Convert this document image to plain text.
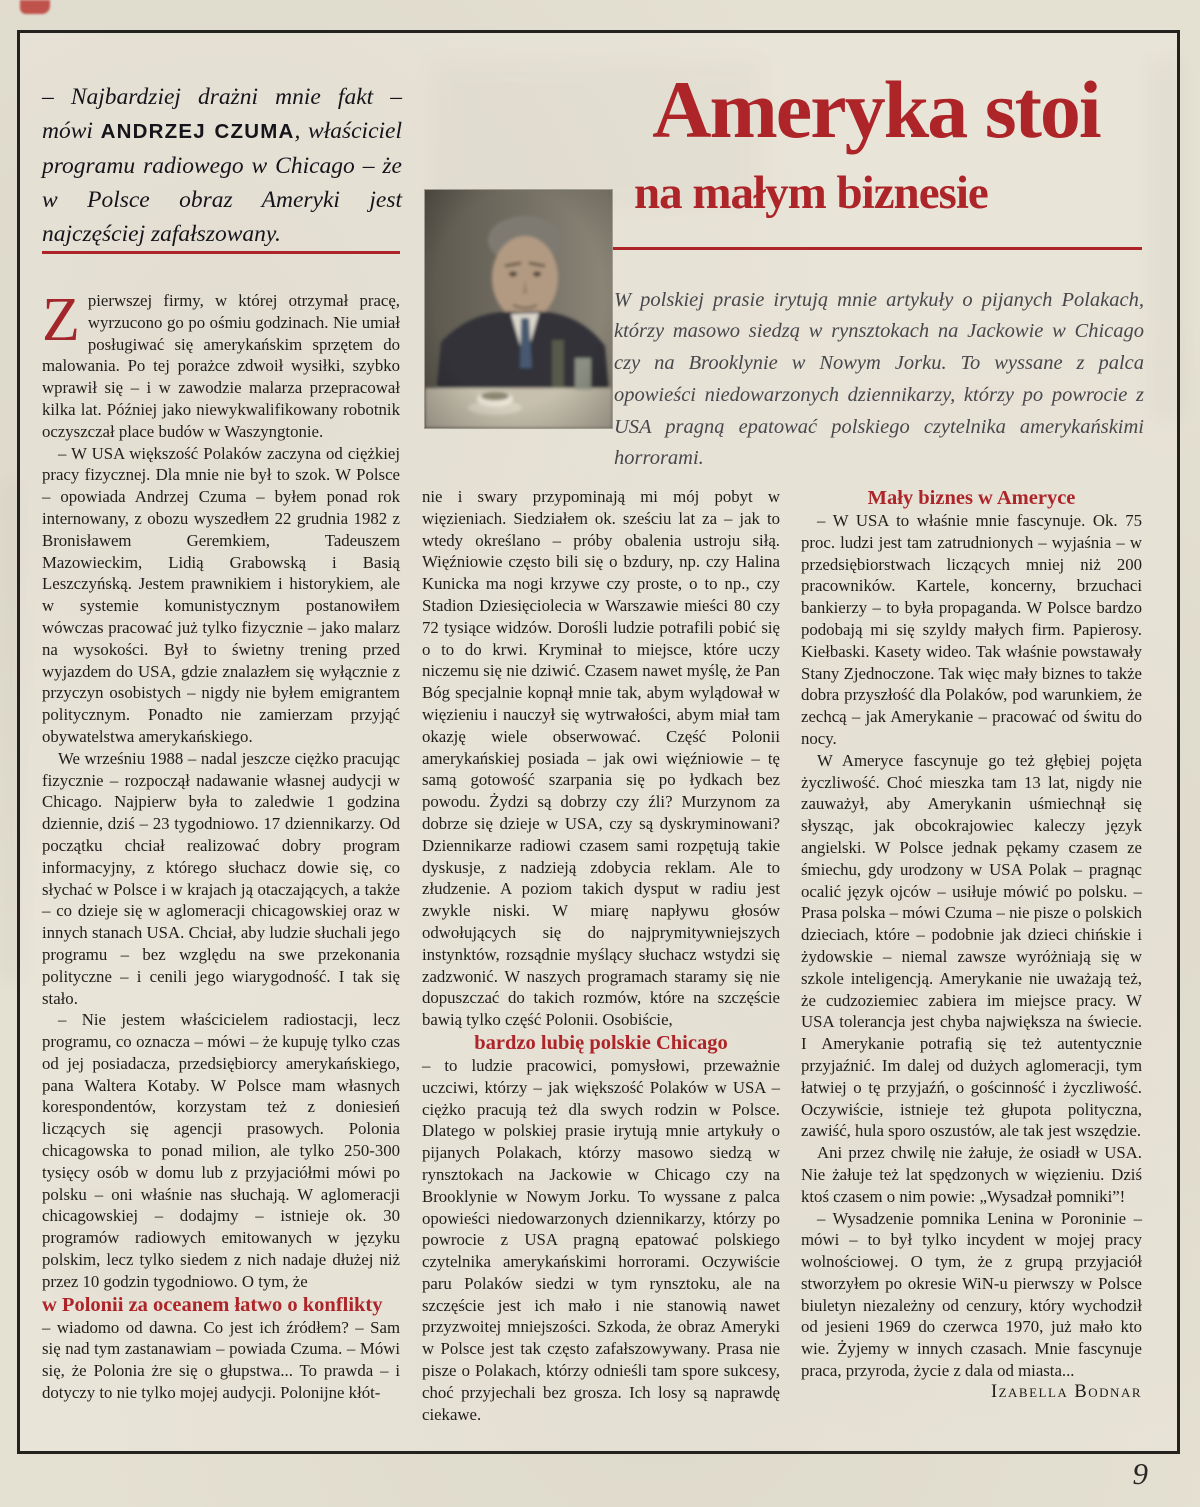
– Najbardziej drażni mnie fakt – mówi ANDRZEJ CZUMA, właściciel programu radiowego w Chicago – że w Polsce obraz Ameryki jest najczęściej zafałszowany.

Ameryka stoi
na małym biznesie

W polskiej prasie irytują mnie artykuły o pijanych Polakach, którzy masowo siedzą w rynsztokach na Jackowie w Chicago czy na Brooklynie w Nowym Jorku. To wyssane z palca opowieści niedowarzonych dziennikarzy, którzy po powrocie z USA pragną epatować polskiego czytelnika amerykańskimi horrorami.

Zpierwszej firmy, w której otrzymał pracę, wyrzucono go po ośmiu godzinach. Nie umiał posługiwać się amerykańskim sprzętem do malowania. Po tej porażce zdwoił wysiłki, szybko wprawił się – i w zawodzie malarza przepracował kilka lat. Później jako niewykwalifikowany robotnik oczyszczał place budów w Waszyngtonie.

– W USA większość Polaków zaczyna od ciężkiej pracy fizycznej. Dla mnie nie był to szok. W Polsce – opowiada Andrzej Czuma – byłem ponad rok internowany, z obozu wyszedłem 22 grudnia 1982 z Bronisławem Geremkiem, Tadeuszem Mazowieckim, Lidią Grabowską i Basią Leszczyńską. Jestem prawnikiem i historykiem, ale w systemie komunistycznym postanowiłem wówczas pracować już tylko fizycznie – jako malarz na wysokości. Był to świetny trening przed wyjazdem do USA, gdzie znalazłem się wyłącznie z przyczyn osobistych – nigdy nie byłem emigrantem politycznym. Ponadto nie zamierzam przyjąć obywatelstwa amerykańskiego.

We wrześniu 1988 – nadal jeszcze ciężko pracując fizycznie – rozpoczął nadawanie własnej audycji w Chicago. Najpierw była to zaledwie 1 godzina dziennie, dziś – 23 tygodniowo. 17 dziennikarzy. Od początku chciał realizować dobry program informacyjny, z którego słuchacz dowie się, co słychać w Polsce i w krajach ją otaczających, a także – co dzieje się w aglomeracji chicagowskiej oraz w innych stanach USA. Chciał, aby ludzie słuchali jego programu – bez względu na swe przekonania polityczne – i cenili jego wiarygodność. I tak się stało.

– Nie jestem właścicielem radiostacji, lecz programu, co oznacza – mówi – że kupuję tylko czas od jej posiadacza, przedsiębiorcy amerykańskiego, pana Waltera Kotaby. W Polsce mam własnych korespondentów, korzystam też z doniesień liczących się agencji prasowych. Polonia chicagowska to ponad milion, ale tylko 250-300 tysięcy osób w domu lub z przyjaciółmi mówi po polsku – oni właśnie nas słuchają. W aglomeracji chicagowskiej – dodajmy – istnieje ok. 30 programów radiowych emitowanych w języku polskim, lecz tylko siedem z nich nadaje dłużej niż przez 10 godzin tygodniowo. O tym, że

w Polonii za oceanem łatwo o konflikty

– wiadomo od dawna. Co jest ich źródłem? – Sam się nad tym zastanawiam – powiada Czuma. – Mówi się, że Polonia żre się o głupstwa... To prawda – i dotyczy to nie tylko mojej audycji. Polonijne kłót-

nie i swary przypominają mi mój pobyt w więzieniach. Siedziałem ok. sześciu lat za – jak to wtedy określano – próby obalenia ustroju siłą. Więźniowie często bili się o bzdury, np. czy Halina Kunicka ma nogi krzywe czy proste, o to np., czy Stadion Dziesięciolecia w Warszawie mieści 80 czy 72 tysiące widzów. Dorośli ludzie potrafili pobić się o to do krwi. Kryminał to miejsce, które uczy niczemu się nie dziwić. Czasem nawet myślę, że Pan Bóg specjalnie kopnął mnie tak, abym wylądował w więzieniu i nauczył się wytrwałości, abym miał tam okazję wiele obserwować. Część Polonii amerykańskiej posiada – jak owi więźniowie – tę samą gotowość szarpania się po łydkach bez powodu. Żydzi są dobrzy czy źli? Murzynom za dobrze się dzieje w USA, czy są dyskryminowani? Dziennikarze radiowi czasem sami rozpętują takie dyskusje, z nadzieją zdobycia reklam. Ale to złudzenie. A poziom takich dysput w radiu jest zwykle niski. W miarę napływu głosów odwołujących się do najprymitywniejszych instynktów, rozsądnie myślący słuchacz wstydzi się zadzwonić. W naszych programach staramy się nie dopuszczać do takich rozmów, które na szczęście bawią tylko część Polonii. Osobiście,

bardzo lubię polskie Chicago

– to ludzie pracowici, pomysłowi, przeważnie uczciwi, którzy – jak większość Polaków w USA – ciężko pracują też dla swych rodzin w Polsce. Dlatego w polskiej prasie irytują mnie artykuły o pijanych Polakach, którzy masowo siedzą w rynsztokach na Jackowie w Chicago czy na Brooklynie w Nowym Jorku. To wyssane z palca opowieści niedowarzonych dziennikarzy, którzy po powrocie z USA pragną epatować polskiego czytelnika amerykańskimi horrorami. Oczywiście paru Polaków siedzi w tym rynsztoku, ale na szczęście jest ich mało i nie stanowią nawet przyzwoitej mniejszości. Szkoda, że obraz Ameryki w Polsce jest tak często zafałszowywany. Prasa nie pisze o Polakach, którzy odnieśli tam spore sukcesy, choć przyjechali bez grosza. Ich losy są naprawdę ciekawe.

Mały biznes w Ameryce

– W USA to właśnie mnie fascynuje. Ok. 75 proc. ludzi jest tam zatrudnionych – wyjaśnia – w przedsiębiorstwach liczących mniej niż 200 pracowników. Kartele, koncerny, brzuchaci bankierzy – to była propaganda. W Polsce bardzo podobają mi się szyldy małych firm. Papierosy. Kiełbaski. Kasety wideo. Tak właśnie powstawały Stany Zjednoczone. Tak więc mały biznes to także dobra przyszłość dla Polaków, pod warunkiem, że zechcą – jak Amerykanie – pracować od świtu do nocy.

W Ameryce fascynuje go też głębiej pojęta życzliwość. Choć mieszka tam 13 lat, nigdy nie zauważył, aby Amerykanin uśmiechnął się słysząc, jak obcokrajowiec kaleczy język angielski. W Polsce jednak pękamy czasem ze śmiechu, gdy urodzony w USA Polak – pragnąc ocalić język ojców – usiłuje mówić po polsku. – Prasa polska – mówi Czuma – nie pisze o polskich dzieciach, które – podobnie jak dzieci chińskie i żydowskie – niemal zawsze wyróżniają się w szkole inteligencją. Amerykanie nie uważają też, że cudzoziemiec zabiera im miejsce pracy. W USA tolerancja jest chyba największa na świecie. I Amerykanie potrafią się też autentycznie przyjaźnić. Im dalej od dużych aglomeracji, tym łatwiej o tę przyjaźń, o gościnność i życzliwość. Oczywiście, istnieje też głupota polityczna, zawiść, hula sporo oszustów, ale tak jest wszędzie.

Ani przez chwilę nie żałuje, że osiadł w USA. Nie żałuje też lat spędzonych w więzieniu. Dziś ktoś czasem o nim powie: „Wysadzał pomniki”!

– Wysadzenie pomnika Lenina w Poroninie – mówi – to był tylko incydent w mojej pracy wolnościowej. O tym, że z grupą przyjaciół stworzyłem po okresie WiN-u pierwszy w Polsce biuletyn niezależny od cenzury, który wychodził od jesieni 1969 do czerwca 1970, już mało kto wie. Żyjemy w innych czasach. Mnie fascynuje praca, przyroda, życie z dala od miasta...

Izabella Bodnar

9
